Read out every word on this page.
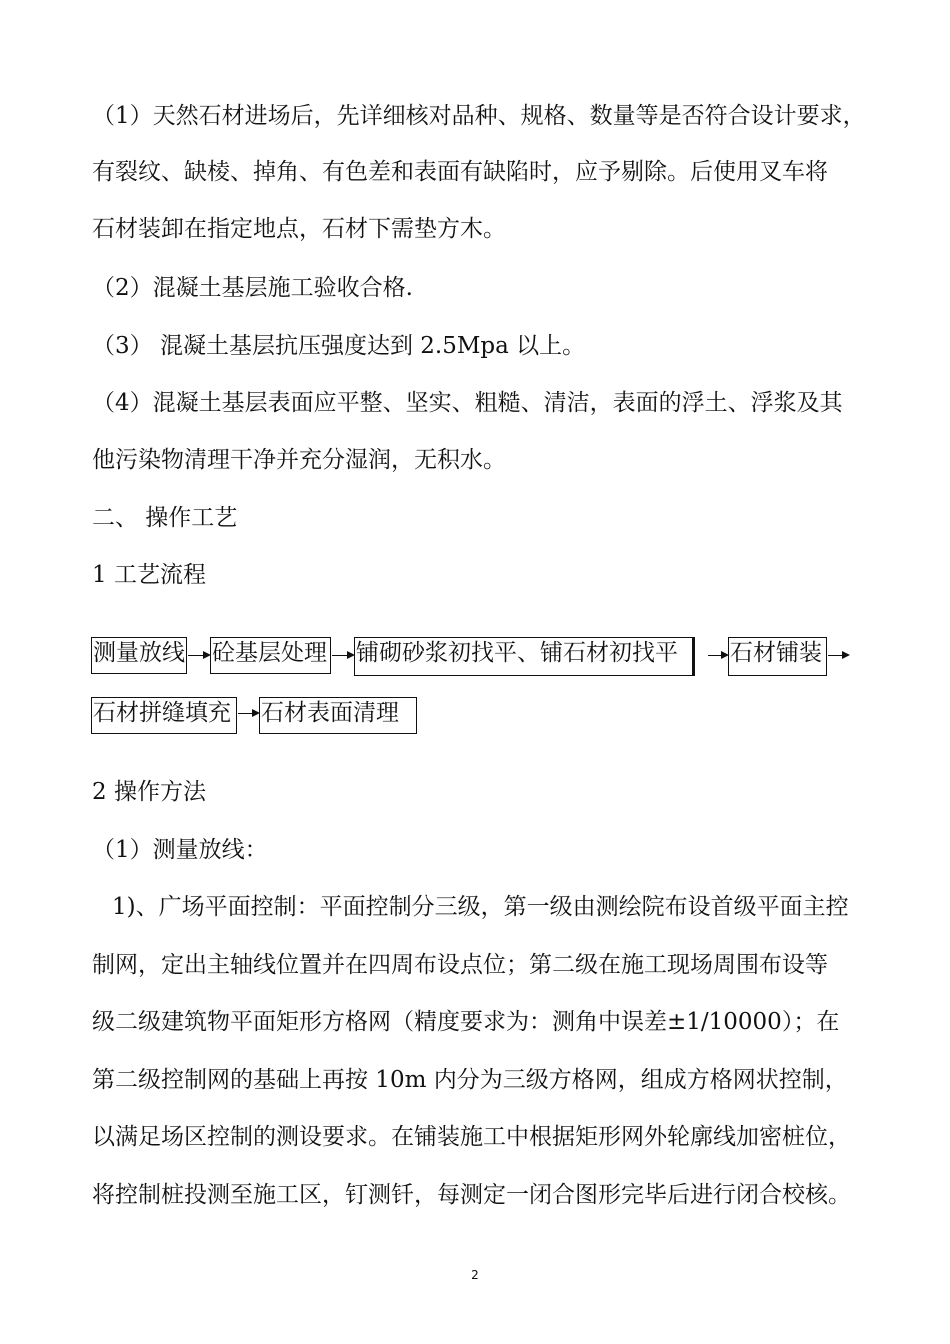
（1）天然石材进场后，先详细核对品种、规格、数量等是否符合设计要求，
有裂纹、缺棱、掉角、有色差和表面有缺陷时，应予剔除。后使用叉车将
石材装卸在指定地点，石材下需垫方木。
（2）混凝土基层施工验收合格.
（3） 混凝土基层抗压强度达到 2.5Mpa 以上。
（4）混凝土基层表面应平整、坚实、粗糙、清洁，表面的浮土、浮浆及其
他污染物清理干净并充分湿润，无积水。
二、 操作工艺
1 工艺流程
测量放线 砼基层处理 铺砌砂浆初找平、铺石材初找平	石材铺装
石材拼缝填充 石材表面清理
2 操作方法
（1）测量放线：
1)、广场平面控制：平面控制分三级，第一级由测绘院布设首级平面主控
制网，定出主轴线位置并在四周布设点位；第二级在施工现场周围布设等
级二级建筑物平面矩形方格网（精度要求为：测角中误差±1/10000）；在
第二级控制网的基础上再按 10m 内分为三级方格网，组成方格网状控制，
以满足场区控制的测设要求。在铺装施工中根据矩形网外轮廓线加密桩位，
将控制桩投测至施工区，钉测钎，每测定一闭合图形完毕后进行闭合校核。
2
